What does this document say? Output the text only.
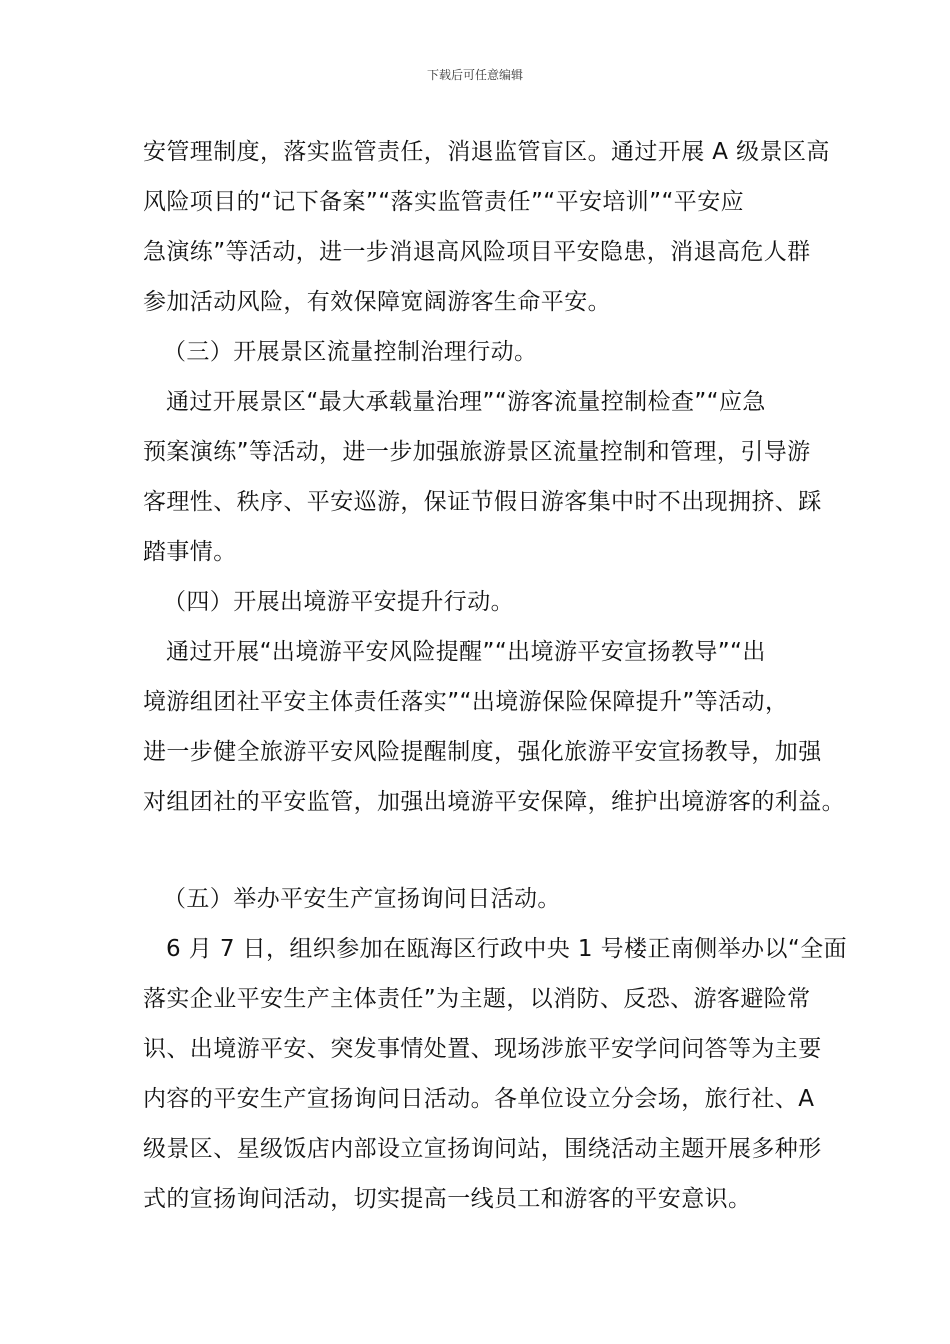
下载后可任意编辑
安管理制度，落实监管责任，消退监管盲区。通过开展 A 级景区高
风险项目的“记下备案”“落实监管责任”“平安培训”“平安应
急演练”等活动，进一步消退高风险项目平安隐患，消退高危人群
参加活动风险，有效保障宽阔游客生命平安。
（三）开展景区流量控制治理行动。
通过开展景区“最大承载量治理”“游客流量控制检查”“应急
预案演练”等活动，进一步加强旅游景区流量控制和管理，引导游
客理性、秩序、平安巡游，保证节假日游客集中时不出现拥挤、踩
踏事情。
（四）开展出境游平安提升行动。
通过开展“出境游平安风险提醒”“出境游平安宣扬教导”“出
境游组团社平安主体责任落实”“出境游保险保障提升”等活动，
进一步健全旅游平安风险提醒制度，强化旅游平安宣扬教导，加强
对组团社的平安监管，加强出境游平安保障，维护出境游客的利益。
（五）举办平安生产宣扬询问日活动。
6 月 7 日，组织参加在瓯海区行政中央 1 号楼正南侧举办以“全面
落实企业平安生产主体责任”为主题，以消防、反恐、游客避险常
识、出境游平安、突发事情处置、现场涉旅平安学问问答等为主要
内容的平安生产宣扬询问日活动。各单位设立分会场，旅行社、A
级景区、星级饭店内部设立宣扬询问站，围绕活动主题开展多种形
式的宣扬询问活动，切实提高一线员工和游客的平安意识。
